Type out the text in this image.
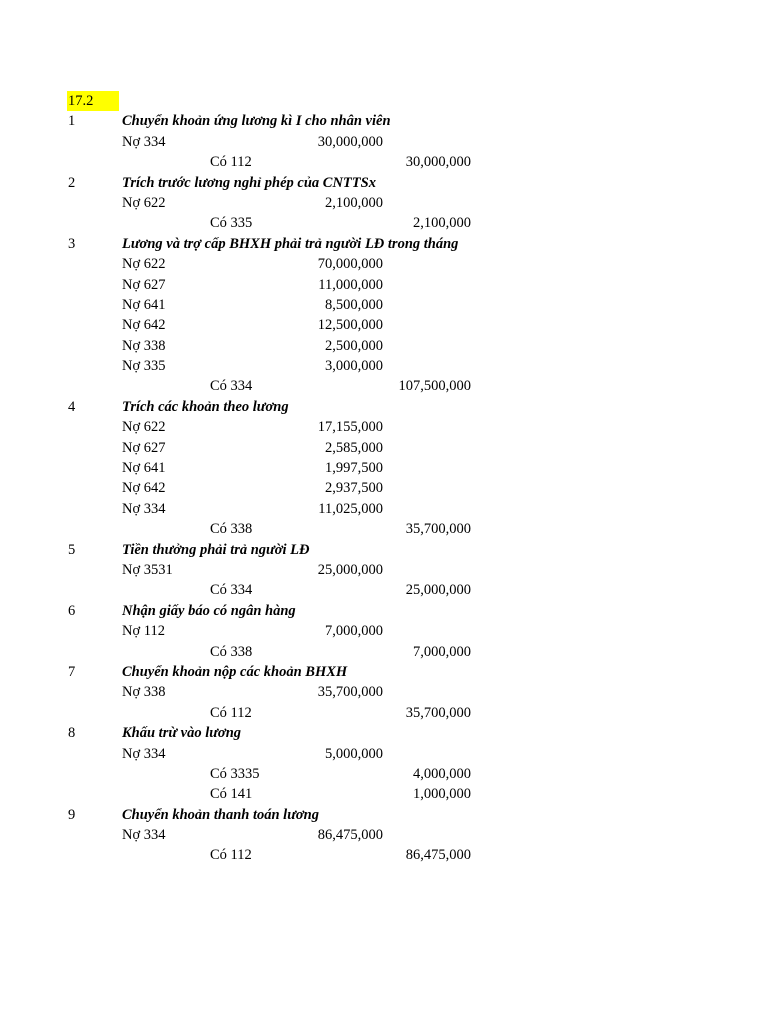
17.2
1	Chuyển khoản ứng lương kì I cho nhân viên
Nợ 334	30,000,000
Có 112	30,000,000
2	Trích trước lương nghỉ phép của CNTTSx
Nợ 622	2,100,000
Có 335	2,100,000
3	Lương và trợ cấp BHXH phải trả người LĐ trong tháng
Nợ 622	70,000,000
Nợ 627	11,000,000
Nợ 641	8,500,000
Nợ 642	12,500,000
Nợ 338	2,500,000
Nợ 335	3,000,000
Có 334	107,500,000
4	Trích các khoản theo lương
Nợ 622	17,155,000
Nợ 627	2,585,000
Nợ 641	1,997,500
Nợ 642	2,937,500
Nợ 334	11,025,000
Có 338	35,700,000
5	Tiền thưởng phải trả người LĐ
Nợ 3531	25,000,000
Có 334	25,000,000
6	Nhận giấy báo có ngân hàng
Nợ 112	7,000,000
Có 338	7,000,000
7	Chuyển khoản nộp các khoản BHXH
Nợ 338	35,700,000
Có 112	35,700,000
8	Khấu trừ vào lương
Nợ 334	5,000,000
Có 3335	4,000,000
Có 141	1,000,000
9	Chuyển khoản thanh toán lương
Nợ 334	86,475,000
Có 112	86,475,000
